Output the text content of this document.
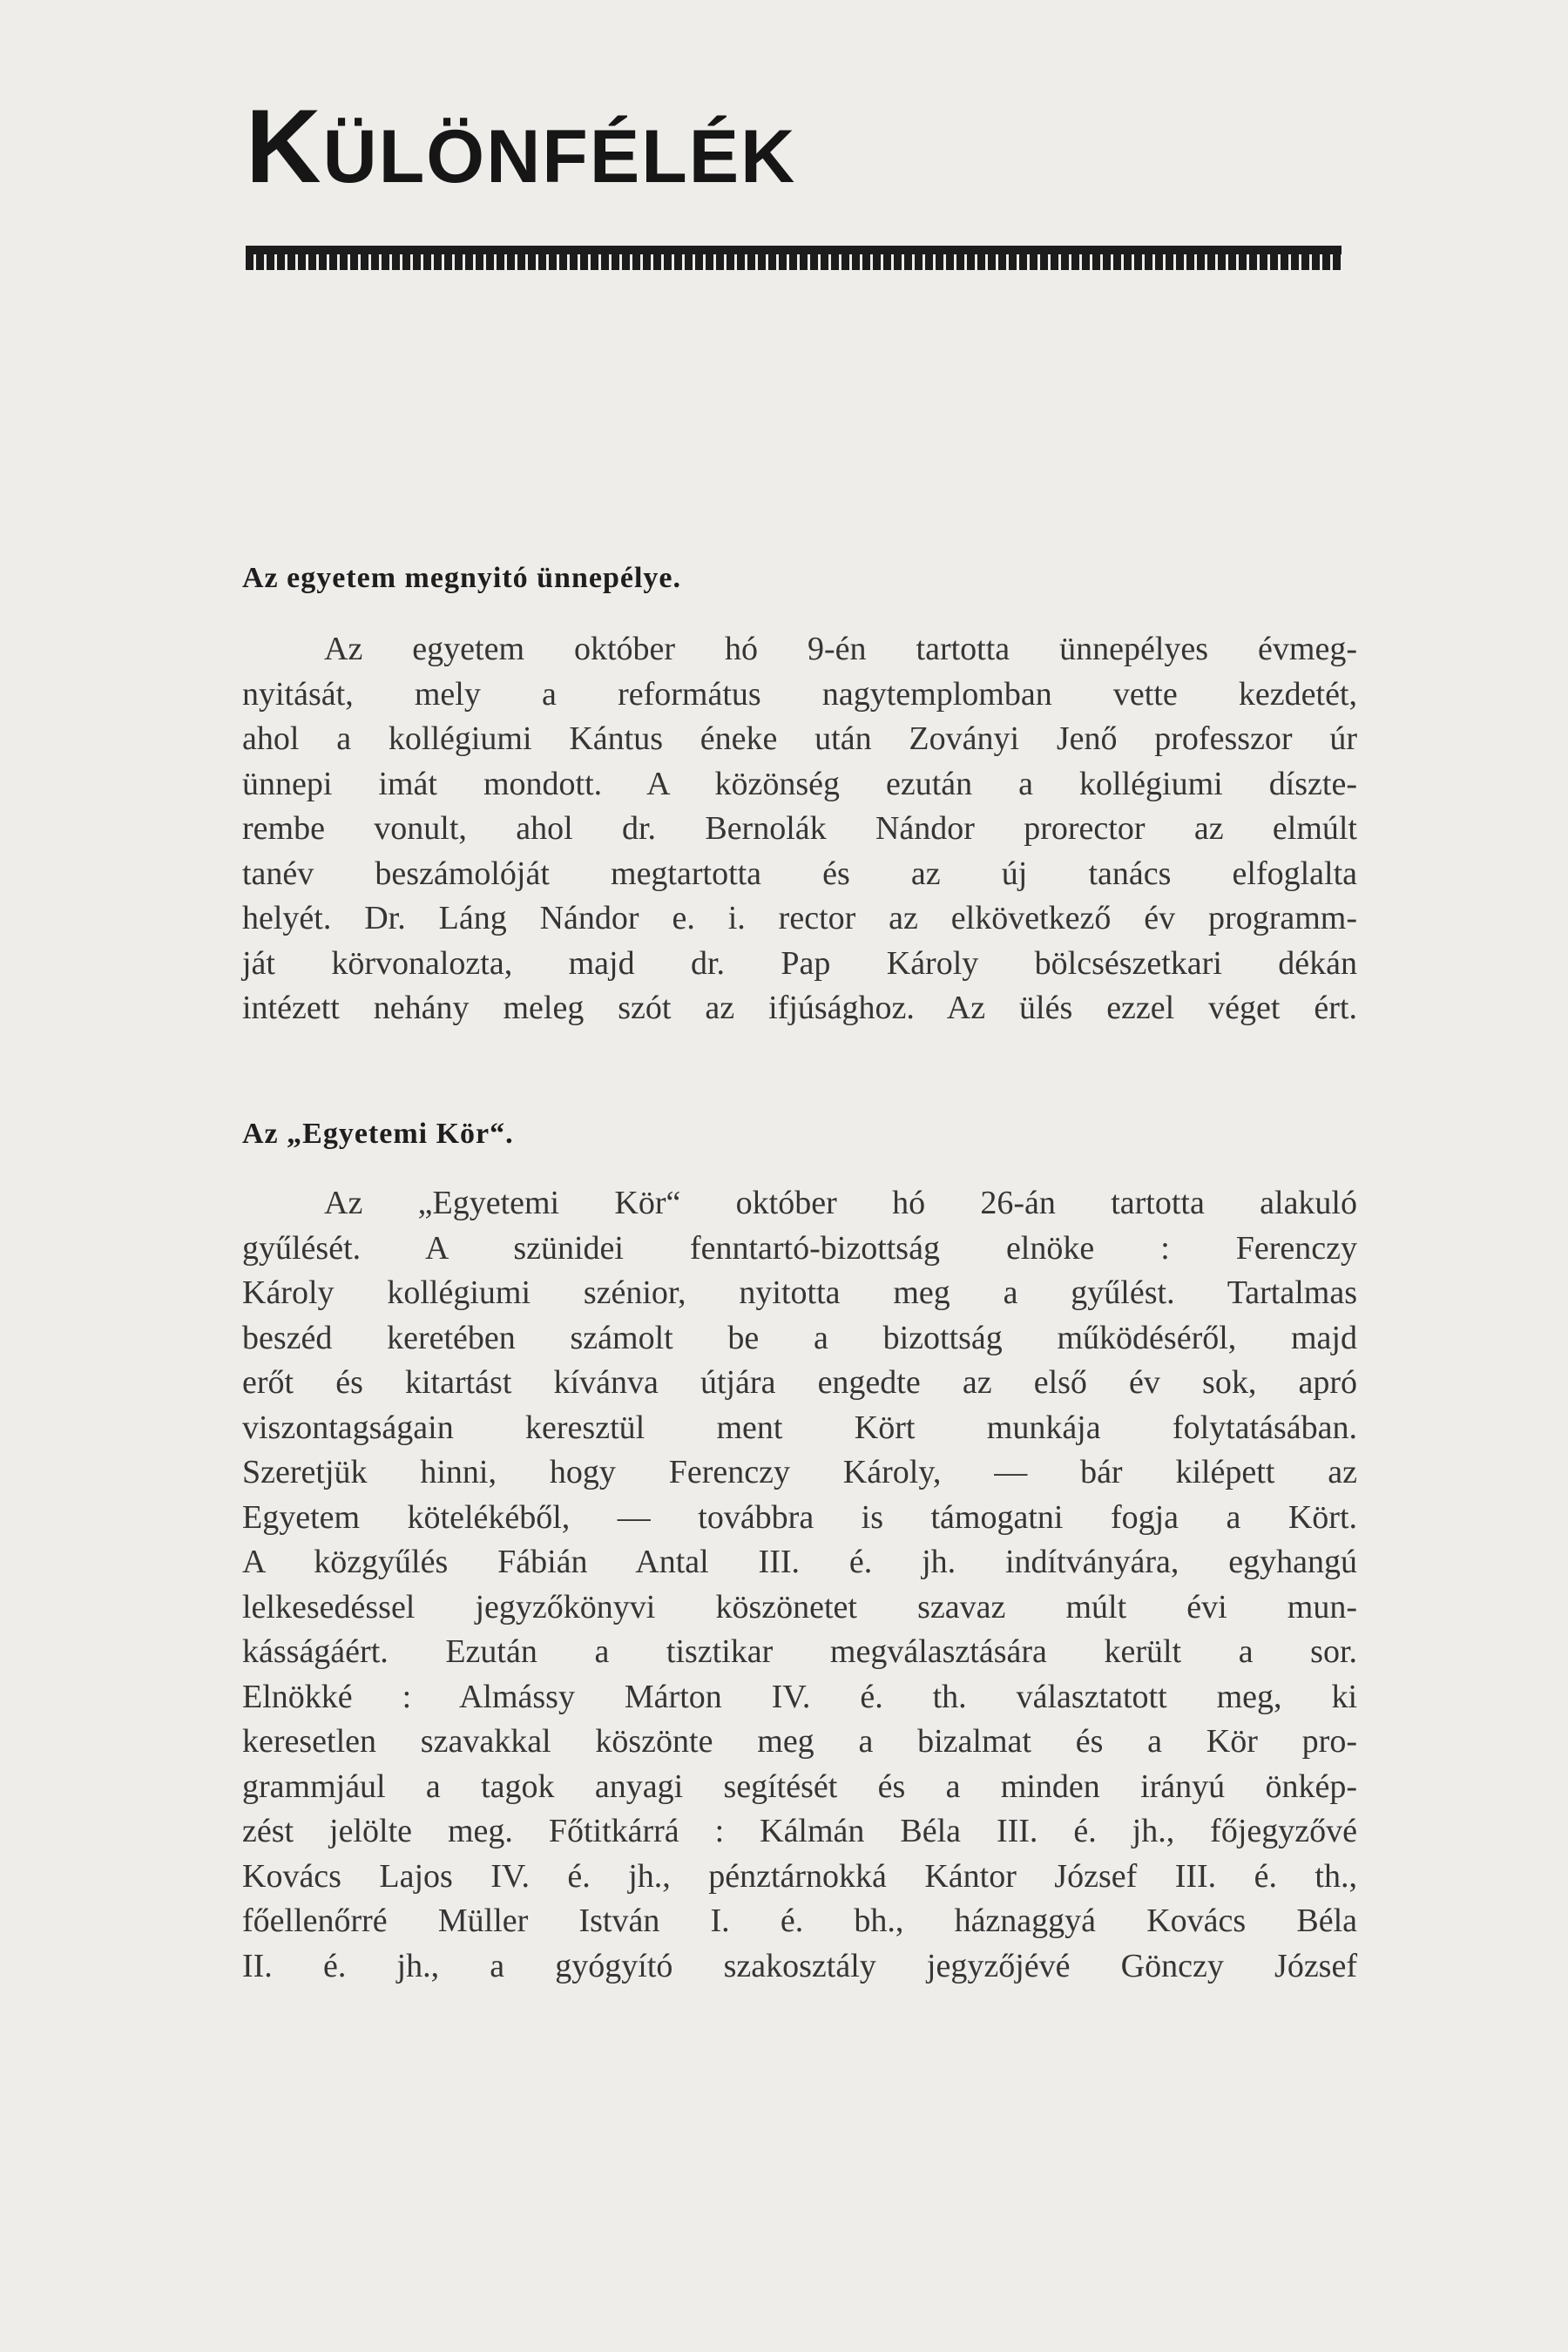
KÜLÖNFÉLÉK
Az egyetem megnyitó ünnepélye.
Az egyetem október hó 9-én tartotta ünnepélyes évmeg-
nyitását, mely a református nagytemplomban vette kezdetét,
ahol a kollégiumi Kántus éneke után Zoványi Jenő professzor úr
ünnepi imát mondott. A közönség ezután a kollégiumi díszte-
rembe vonult, ahol dr. Bernolák Nándor prorector az elmúlt
tanév beszámolóját megtartotta és az új tanács elfoglalta
helyét. Dr. Láng Nándor e. i. rector az elkövetkező év programm-
ját körvonalozta, majd dr. Pap Károly bölcsészetkari dékán
intézett nehány meleg szót az ifjúsághoz. Az ülés ezzel véget ért.
Az „Egyetemi Kör“.
Az „Egyetemi Kör“ október hó 26-án tartotta alakuló
gyűlését. A szünidei fenntartó-bizottság elnöke : Ferenczy
Károly kollégiumi szénior, nyitotta meg a gyűlést. Tartalmas
beszéd keretében számolt be a bizottság működéséről, majd
erőt és kitartást kívánva útjára engedte az első év sok, apró
viszontagságain keresztül ment Kört munkája folytatásában.
Szeretjük hinni, hogy Ferenczy Károly, — bár kilépett az
Egyetem kötelékéből, — továbbra is támogatni fogja a Kört.
A közgyűlés Fábián Antal III. é. jh. indítványára, egyhangú
lelkesedéssel jegyzőkönyvi köszönetet szavaz múlt évi mun-
kásságáért. Ezután a tisztikar megválasztására került a sor.
Elnökké : Almássy Márton IV. é. th. választatott meg, ki
keresetlen szavakkal köszönte meg a bizalmat és a Kör pro-
grammjául a tagok anyagi segítését és a minden irányú önkép-
zést jelölte meg. Főtitkárrá : Kálmán Béla III. é. jh., főjegyzővé
Kovács Lajos IV. é. jh., pénztárnokká Kántor József III. é. th.,
főellenőrré Müller István I. é. bh., háznaggyá Kovács Béla
II. é. jh., a gyógyító szakosztály jegyzőjévé Gönczy József
